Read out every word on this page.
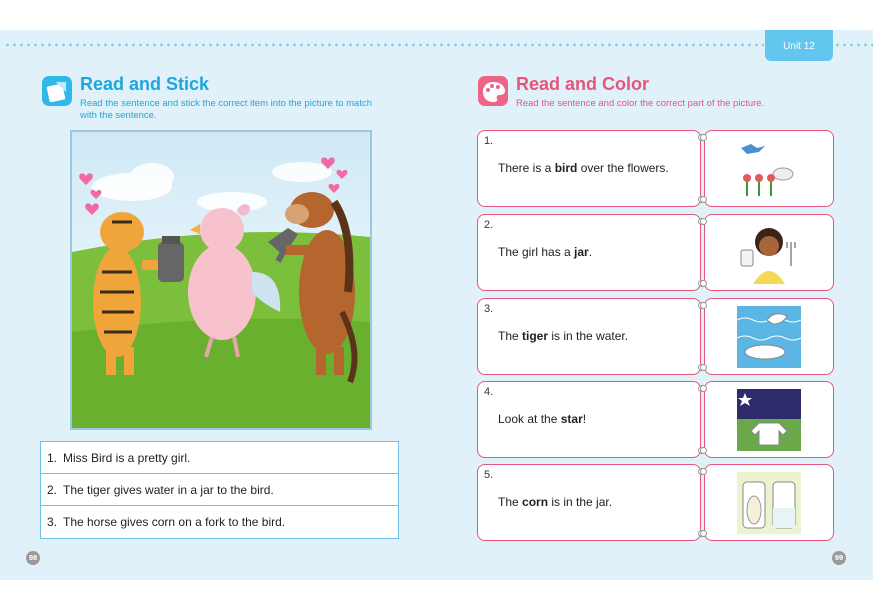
Unit 12
Read and Stick
Read the sentence and stick the correct item into the picture to match with the sentence.
1. Miss Bird is a pretty girl.
2. The tiger gives water in a jar to the bird.
3. The horse gives corn on a fork to the bird.
98
Read and Color
Read the sentence and color the correct part of the picture.
1.
There is a bird over the flowers.
2.
The girl has a jar.
3.
The tiger is in the water.
4.
Look at the star!
5.
The corn is in the jar.
99
